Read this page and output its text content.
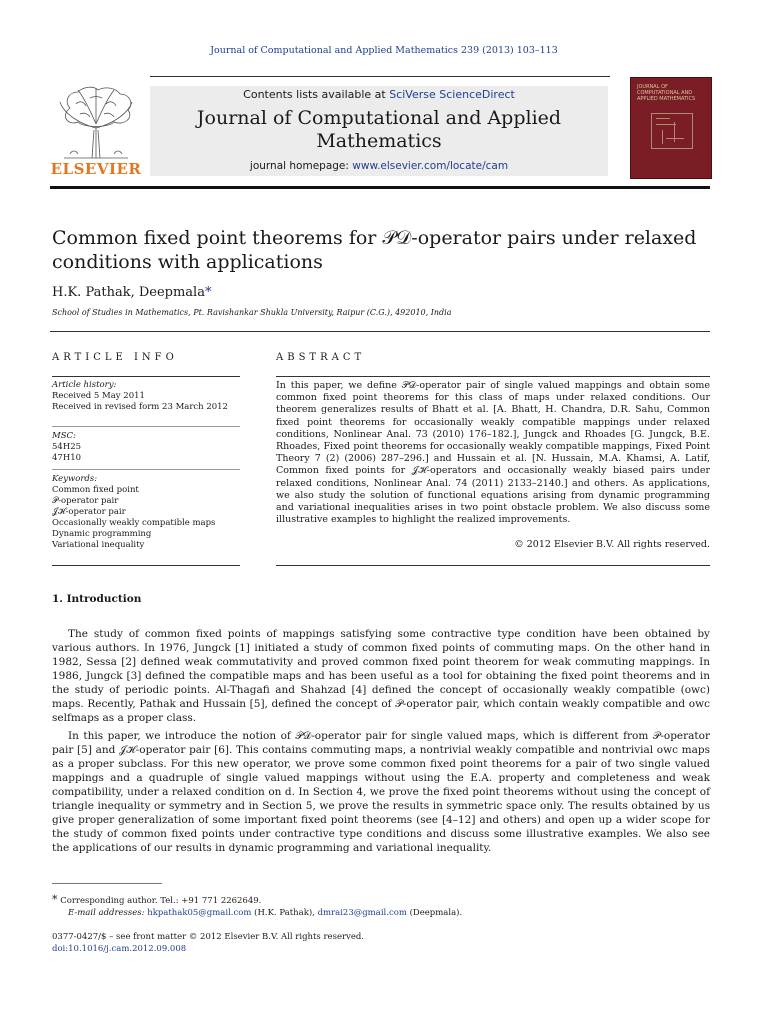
Journal of Computational and Applied Mathematics 239 (2013) 103–113
ELSEVIER
Contents lists available at SciVerse ScienceDirect
Journal of Computational and Applied Mathematics
journal homepage: www.elsevier.com/locate/cam
JOURNAL OF COMPUTATIONAL AND APPLIED MATHEMATICS
Common fixed point theorems for 𝒫𝒟-operator pairs under relaxed conditions with applications
H.K. Pathak, Deepmala*
School of Studies in Mathematics, Pt. Ravishankar Shukla University, Raipur (C.G.), 492010, India
ARTICLE INFO
Article history:
Received 5 May 2011
Received in revised form 23 March 2012
MSC:
54H25
47H10
Keywords:
Common fixed point
𝒫-operator pair
𝒥ℋ-operator pair
Occasionally weakly compatible maps
Dynamic programming
Variational inequality
ABSTRACT
In this paper, we define 𝒫𝒟-operator pair of single valued mappings and obtain some common fixed point theorems for this class of maps under relaxed conditions. Our theorem generalizes results of Bhatt et al. [A. Bhatt, H. Chandra, D.R. Sahu, Common fixed point theorems for occasionally weakly compatible mappings under relaxed conditions, Nonlinear Anal. 73 (2010) 176–182.], Jungck and Rhoades [G. Jungck, B.E. Rhoades, Fixed point theorems for occasionally weakly compatible mappings, Fixed Point Theory 7 (2) (2006) 287–296.] and Hussain et al. [N. Hussain, M.A. Khamsi, A. Latif, Common fixed points for 𝒥ℋ-operators and occasionally weakly biased pairs under relaxed conditions, Nonlinear Anal. 74 (2011) 2133–2140.] and others. As applications, we also study the solution of functional equations arising from dynamic programming and variational inequalities arises in two point obstacle problem. We also discuss some illustrative examples to highlight the realized improvements.
© 2012 Elsevier B.V. All rights reserved.
1. Introduction
The study of common fixed points of mappings satisfying some contractive type condition have been obtained by various authors. In 1976, Jungck [1] initiated a study of common fixed points of commuting maps. On the other hand in 1982, Sessa [2] defined weak commutativity and proved common fixed point theorem for weak commuting mappings. In 1986, Jungck [3] defined the compatible maps and has been useful as a tool for obtaining the fixed point theorems and in the study of periodic points. Al-Thagafi and Shahzad [4] defined the concept of occasionally weakly compatible (owc) maps. Recently, Pathak and Hussain [5], defined the concept of 𝒫-operator pair, which contain weakly compatible and owc selfmaps as a proper class.
In this paper, we introduce the notion of 𝒫𝒟-operator pair for single valued maps, which is different from 𝒫-operator pair [5] and 𝒥ℋ-operator pair [6]. This contains commuting maps, a nontrivial weakly compatible and nontrivial owc maps as a proper subclass. For this new operator, we prove some common fixed point theorems for a pair of two single valued mappings and a quadruple of single valued mappings without using the E.A. property and completeness and weak compatibility, under a relaxed condition on d. In Section 4, we prove the fixed point theorems without using the concept of triangle inequality or symmetry and in Section 5, we prove the results in symmetric space only. The results obtained by us give proper generalization of some important fixed point theorems (see [4–12] and others) and open up a wider scope for the study of common fixed points under contractive type conditions and discuss some illustrative examples. We also see the applications of our results in dynamic programming and variational inequality.
* Corresponding author. Tel.: +91 771 2262649.
E-mail addresses: hkpathak05@gmail.com (H.K. Pathak), dmrai23@gmail.com (Deepmala).
0377-0427/$ – see front matter © 2012 Elsevier B.V. All rights reserved.
doi:10.1016/j.cam.2012.09.008
